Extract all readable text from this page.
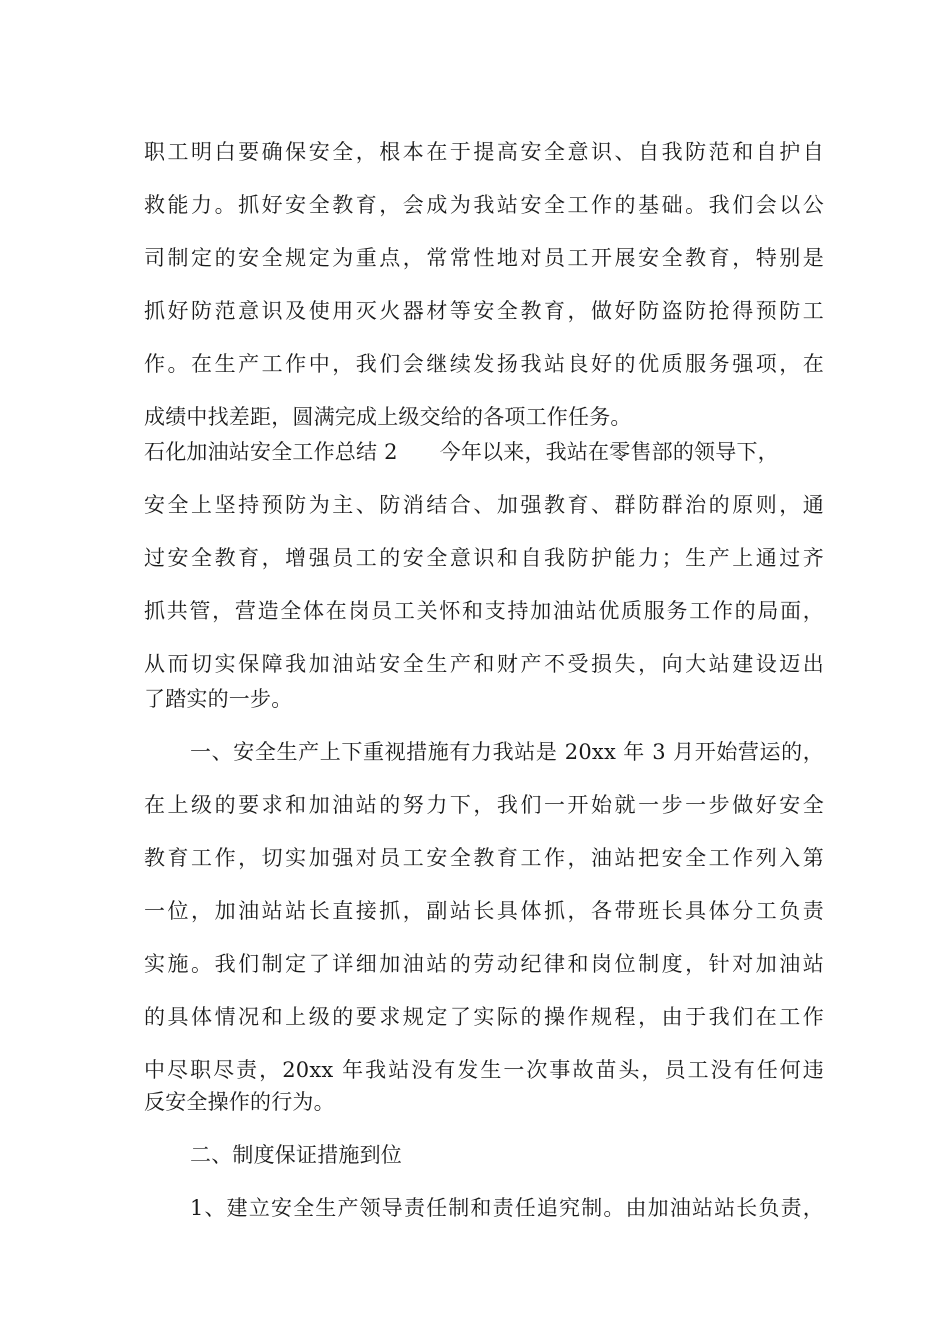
职工明白要确保安全，根本在于提高安全意识、自我防范和自护自
救能力。抓好安全教育，会成为我站安全工作的基础。我们会以公
司制定的安全规定为重点，常常性地对员工开展安全教育，特别是
抓好防范意识及使用灭火器材等安全教育，做好防盗防抢得预防工
作。在生产工作中，我们会继续发扬我站良好的优质服务强项，在
成绩中找差距，圆满完成上级交给的各项工作任务。
石化加油站安全工作总结 2 今年以来，我站在零售部的领导下，
安全上坚持预防为主、防消结合、加强教育、群防群治的原则，通
过安全教育，增强员工的安全意识和自我防护能力；生产上通过齐
抓共管，营造全体在岗员工关怀和支持加油站优质服务工作的局面，
从而切实保障我加油站安全生产和财产不受损失，向大站建设迈出
了踏实的一步。
一、安全生产上下重视措施有力我站是 20xx 年 3 月开始营运的，
在上级的要求和加油站的努力下，我们一开始就一步一步做好安全
教育工作，切实加强对员工安全教育工作，油站把安全工作列入第
一位，加油站站长直接抓，副站长具体抓，各带班长具体分工负责
实施。我们制定了详细加油站的劳动纪律和岗位制度，针对加油站
的具体情况和上级的要求规定了实际的操作规程，由于我们在工作
中尽职尽责，20xx 年我站没有发生一次事故苗头，员工没有任何违
反安全操作的行为。
二、制度保证措施到位
1、建立安全生产领导责任制和责任追究制。由加油站站长负责，
